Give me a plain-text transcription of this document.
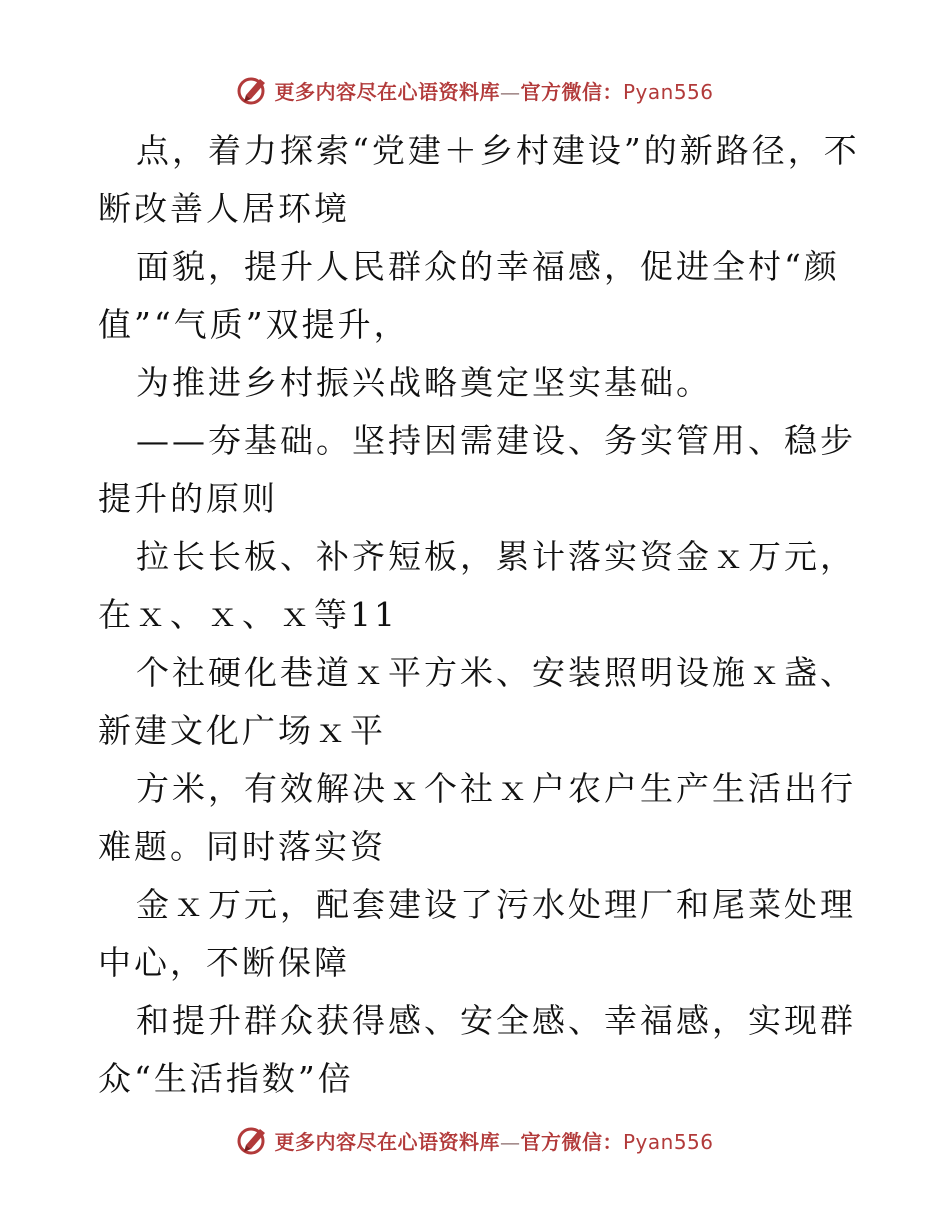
更多内容尽在心语资料库—官方微信：Pyan556

点，着力探索“党建＋乡村建设”的新路径，不断改善人居环境

面貌，提升人民群众的幸福感，促进全村“颜值”“气质”双提升，

为推进乡村振兴战略奠定坚实基础。

——夯基础。坚持因需建设、务实管用、稳步提升的原则

拉长长板、补齐短板，累计落实资金ｘ万元，在ｘ、ｘ、ｘ等11

个社硬化巷道ｘ平方米、安装照明设施ｘ盏、新建文化广场ｘ平

方米，有效解决ｘ个社ｘ户农户生产生活出行难题。同时落实资

金ｘ万元，配套建设了污水处理厂和尾菜处理中心，不断保障

和提升群众获得感、安全感、幸福感，实现群众“生活指数”倍

更多内容尽在心语资料库—官方微信：Pyan556
